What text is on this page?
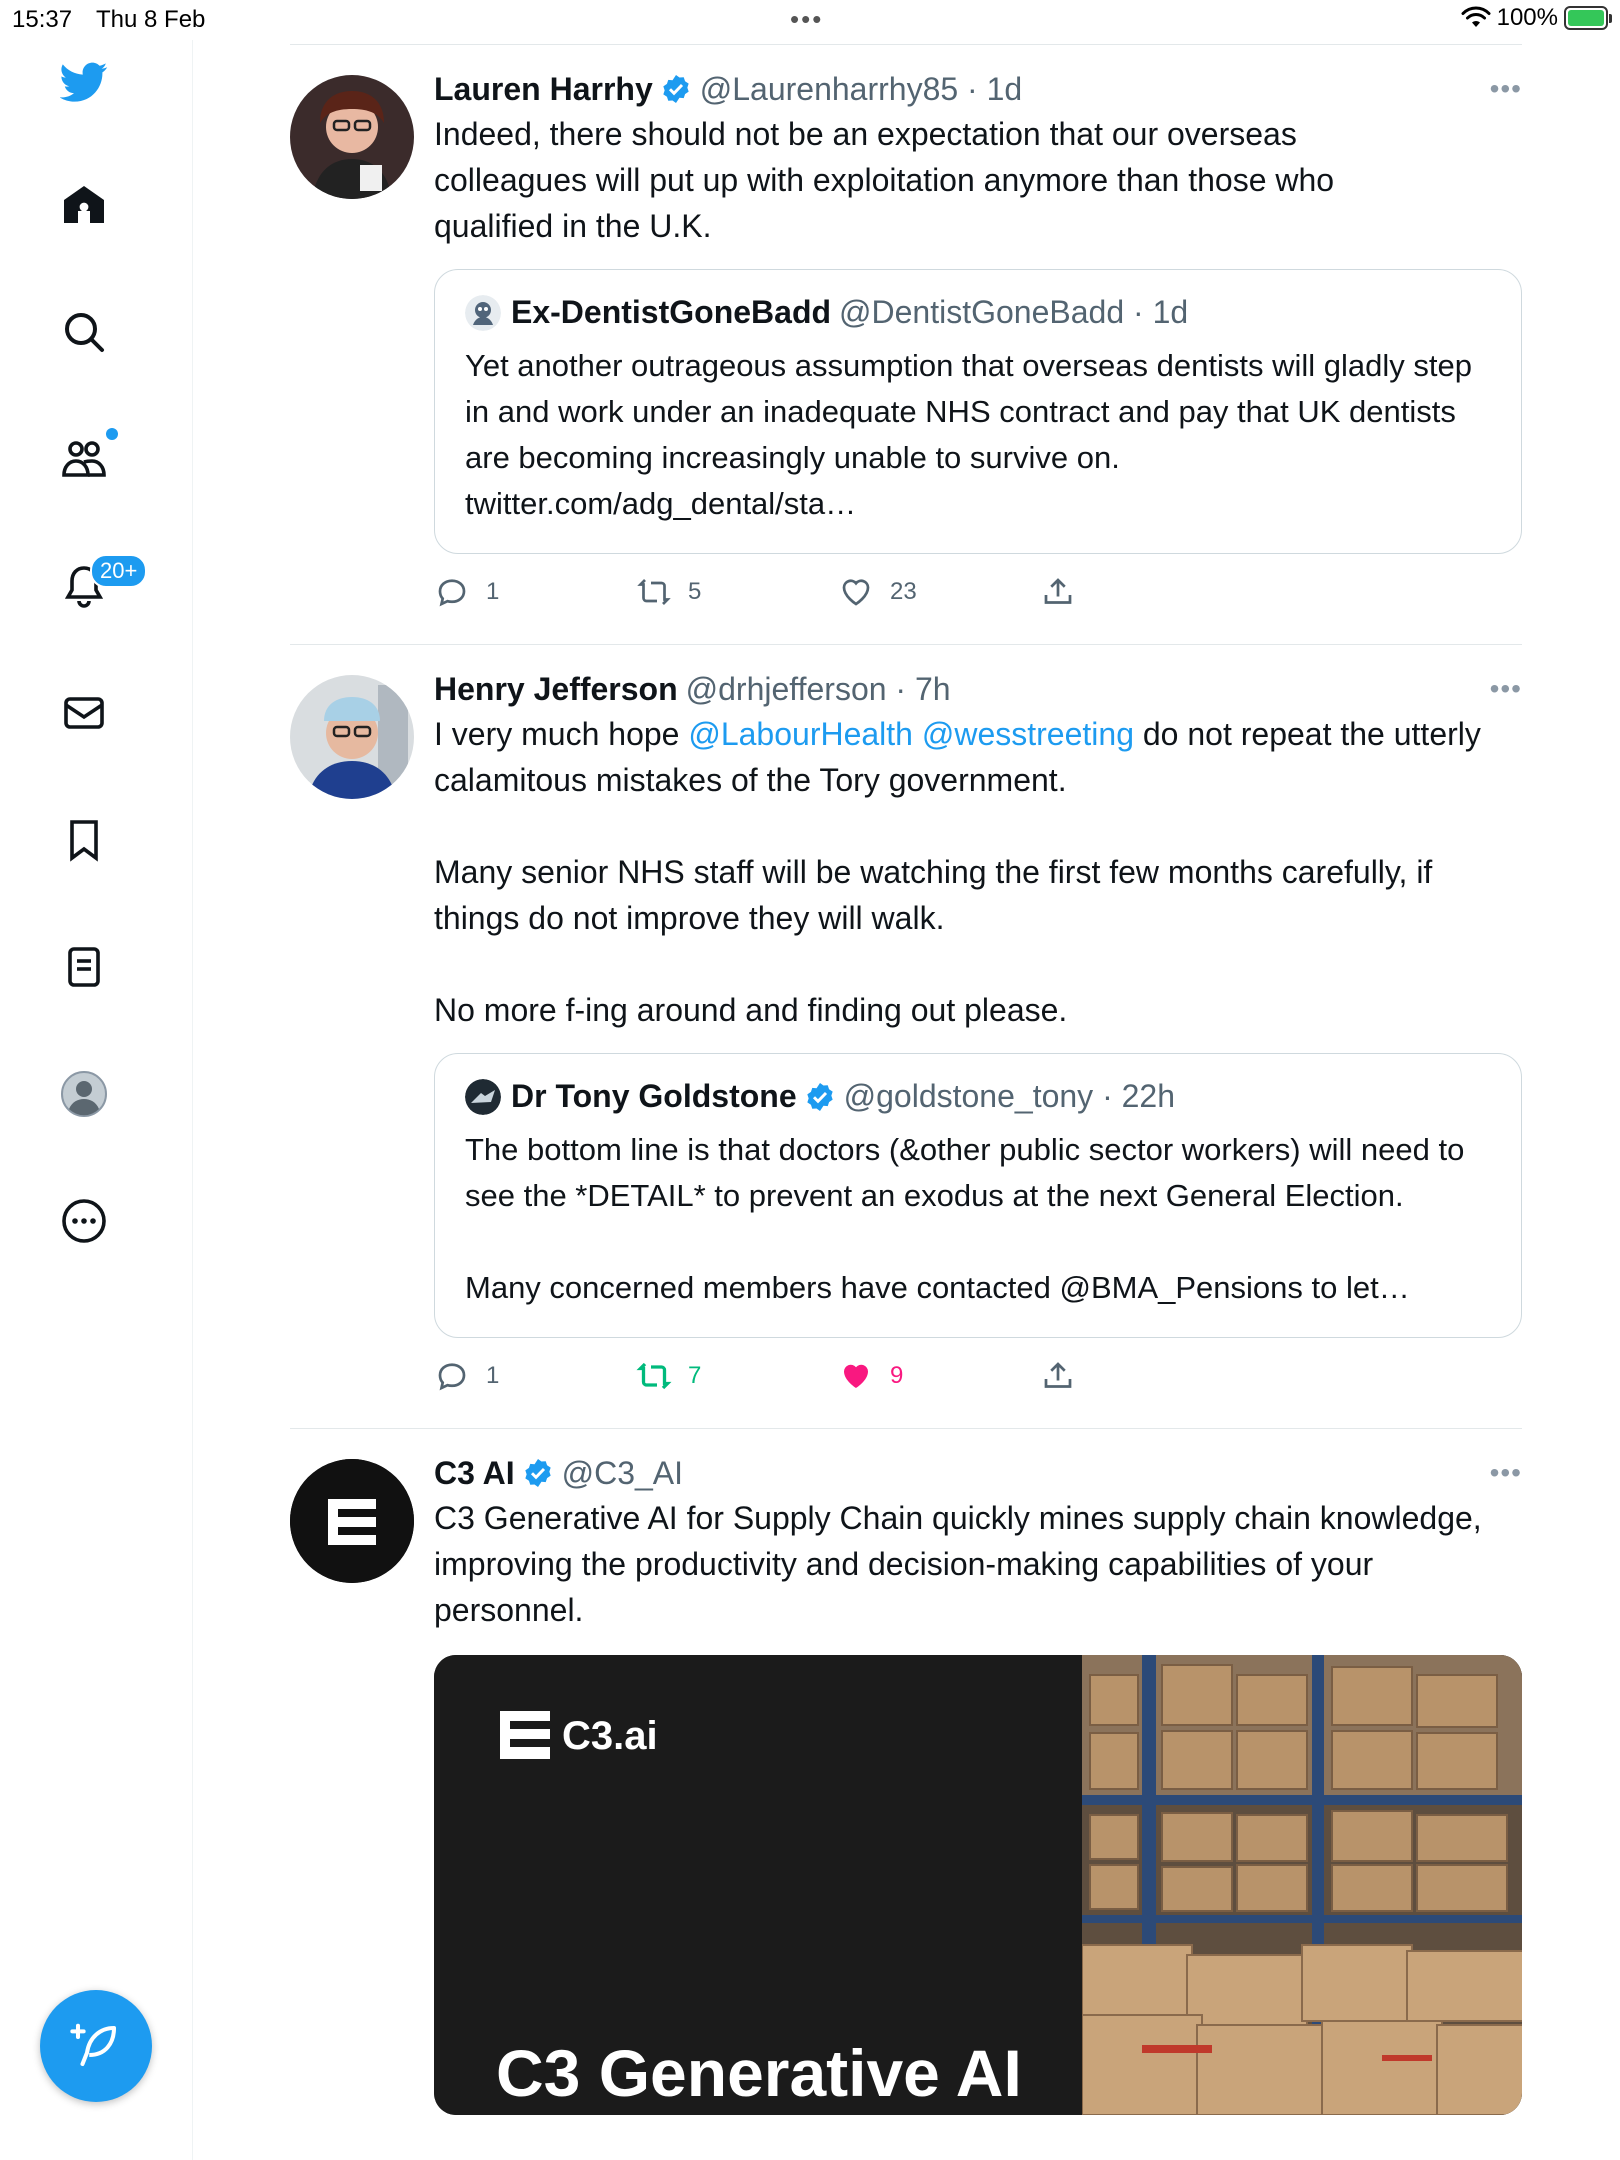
15:37 Thu 8 Feb	•••	100%
20+
Lauren Harrhy @Laurenharrhy85 · 1d	•••
Indeed, there should not be an expectation that our overseas colleagues will put up with exploitation anymore than those who qualified in the U.K.
Ex-DentistGoneBadd @DentistGoneBadd · 1d
Yet another outrageous assumption that overseas dentists will gladly step in and work under an inadequate NHS contract and pay that UK dentists are becoming increasingly unable to survive on. twitter.com/adg_dental/sta…
1	5	23
Henry Jefferson @drhjefferson · 7h	•••
I very much hope @LabourHealth @wesstreeting do not repeat the utterly calamitous mistakes of the Tory government.

Many senior NHS staff will be watching the first few months carefully, if things do not improve they will walk.

No more f-ing around and finding out please.
Dr Tony Goldstone @goldstone_tony · 22h
The bottom line is that doctors (&other public sector workers) will need to see the *DETAIL* to prevent an exodus at the next General Election.

Many concerned members have contacted @BMA_Pensions to let…
1	7	9
C3 AI @C3_AI	•••
C3 Generative AI for Supply Chain quickly mines supply chain knowledge, improving the productivity and decision-making capabilities of your personnel.
C3.ai
C3 Generative AI
